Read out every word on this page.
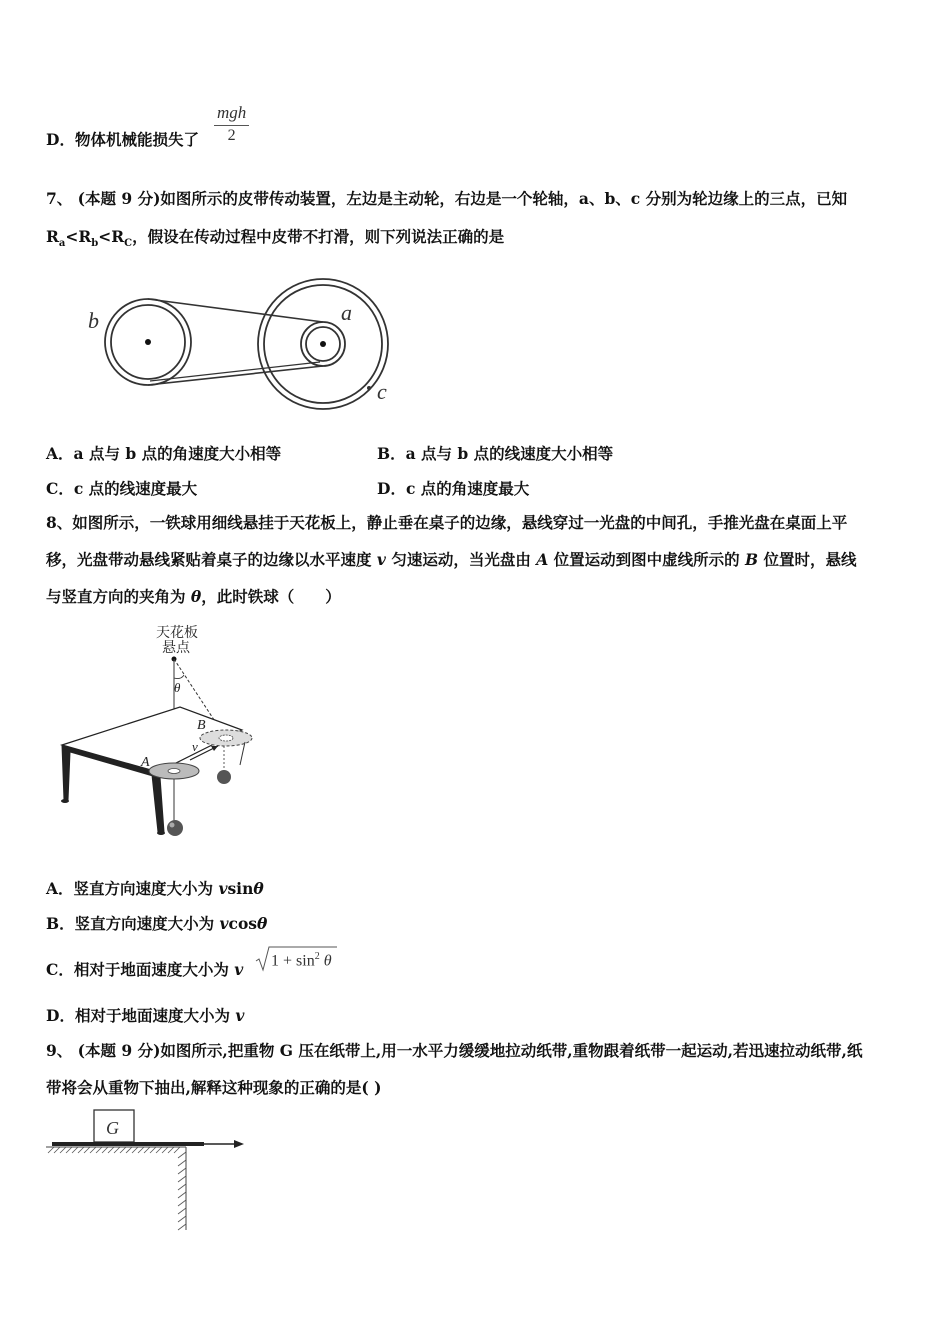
D．物体机械能损失了
mgh
2
7、 (本题 9 分)如图所示的皮带传动装置，左边是主动轮，右边是一个轮轴，a、b、c 分别为轮边缘上的三点，已知
$R_a<R_b<R_C$，假设在传动过程中皮带不打滑，则下列说法正确的是
b	a
c
A．a 点与 b 点的角速度大小相等	B．a 点与 b 点的线速度大小相等
C．c 点的线速度最大	D．c 点的角速度最大
8、如图所示，一铁球用细线悬挂于天花板上，静止垂在桌子的边缘，悬线穿过一光盘的中间孔，手推光盘在桌面上平
移，光盘带动悬线紧贴着桌子的边缘以水平速度 v 匀速运动，当光盘由 A 位置运动到图中虚线所示的 B 位置时，悬线
与竖直方向的夹角为 θ，此时铁球（　　）
天花板
悬点
θ
A
B
v
A．竖直方向速度大小为 vsinθ
B．竖直方向速度大小为 vcosθ
C．相对于地面速度大小为 v $1 + \sin^2 \theta$
D．相对于地面速度大小为 v
9、 (本题 9 分)如图所示,把重物 G 压在纸带上,用一水平力缓缓地拉动纸带,重物跟着纸带一起运动,若迅速拉动纸带,纸
带将会从重物下抽出,解释这种现象的正确的是( )
G
